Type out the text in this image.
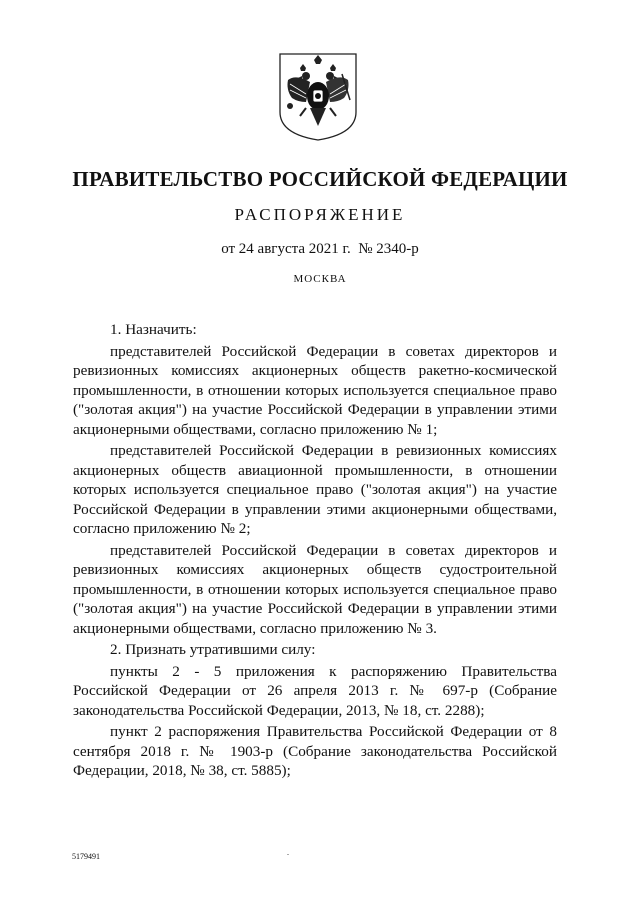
ПРАВИТЕЛЬСТВО РОССИЙСКОЙ ФЕДЕРАЦИИ
РАСПОРЯЖЕНИЕ
от 24 августа 2021 г.  № 2340-р
МОСКВА

1. Назначить:

представителей Российской Федерации в советах директоров и ревизионных комиссиях акционерных обществ ракетно-космической промышленности, в отношении которых используется специальное право ("золотая акция") на участие Российской Федерации в управлении этими акционерными обществами, согласно приложению № 1;

представителей Российской Федерации в ревизионных комиссиях акционерных обществ авиационной промышленности, в отношении которых используется специальное право ("золотая акция") на участие Российской Федерации в управлении этими акционерными обществами, согласно приложению № 2;

представителей Российской Федерации в советах директоров и ревизионных комиссиях акционерных обществ судостроительной промышленности, в отношении которых используется специальное право ("золотая акция") на участие Российской Федерации в управлении этими акционерными обществами, согласно приложению № 3.

2. Признать утратившими силу:

пункты 2 - 5 приложения к распоряжению Правительства Российской Федерации от 26 апреля 2013 г. № 697-р (Собрание законодательства Российской Федерации, 2013, № 18, ст. 2288);

пункт 2 распоряжения Правительства Российской Федерации от 8 сентября 2018 г. № 1903-р (Собрание законодательства Российской Федерации, 2018, № 38, ст. 5885);

5179491
